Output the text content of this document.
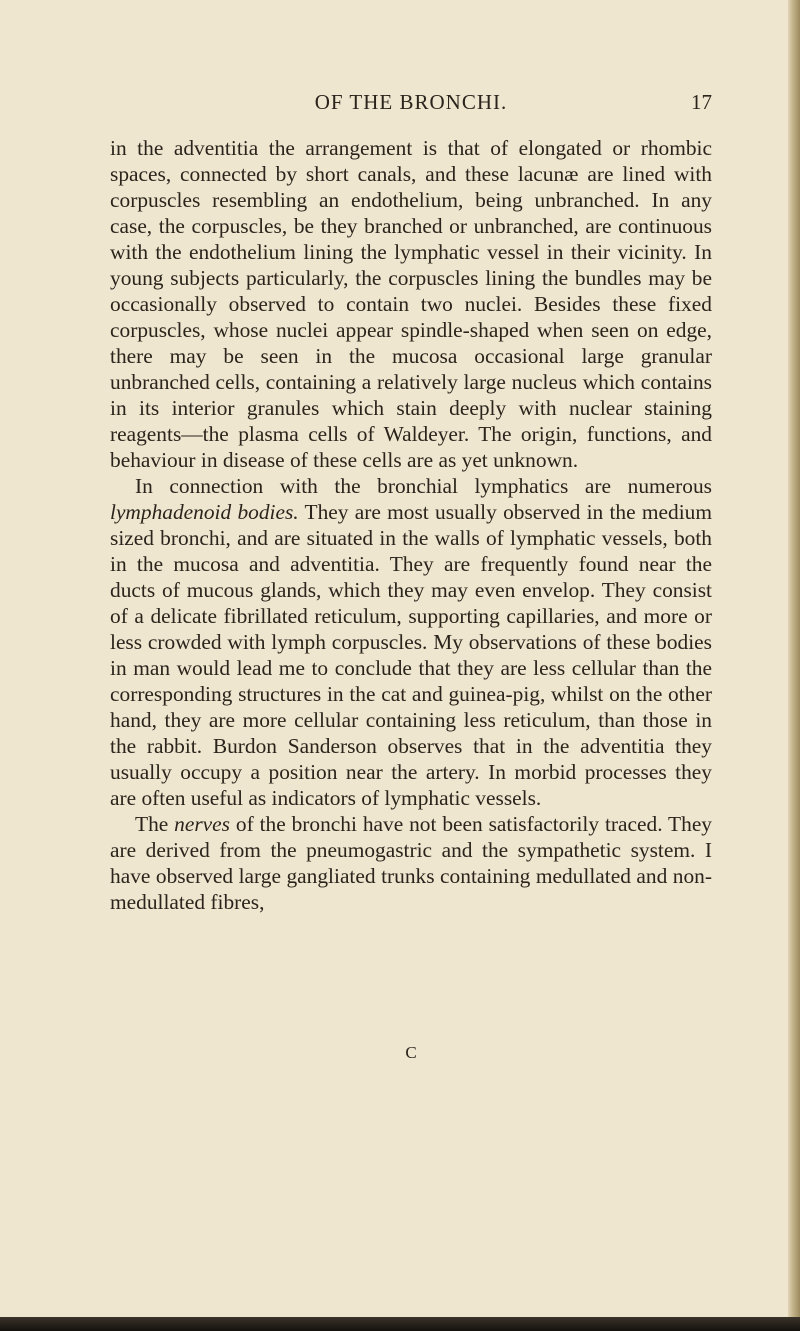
OF THE BRONCHI.	17

in the adventitia the arrangement is that of elongated or rhombic spaces, connected by short canals, and these lacunæ are lined with corpuscles resembling an endothelium, being unbranched. In any case, the corpuscles, be they branched or unbranched, are continuous with the endothelium lining the lymphatic vessel in their vicinity. In young subjects particularly, the corpuscles lining the bundles may be occasionally observed to contain two nuclei. Besides these fixed corpuscles, whose nuclei appear spindle-shaped when seen on edge, there may be seen in the mucosa occasional large granular unbranched cells, containing a relatively large nucleus which contains in its interior granules which stain deeply with nuclear staining reagents—the plasma cells of Waldeyer. The origin, functions, and behaviour in disease of these cells are as yet unknown.

In connection with the bronchial lymphatics are numerous lymphadenoid bodies. They are most usually observed in the medium sized bronchi, and are situated in the walls of lymphatic vessels, both in the mucosa and adventitia. They are frequently found near the ducts of mucous glands, which they may even envelop. They consist of a delicate fibrillated reticulum, supporting capillaries, and more or less crowded with lymph corpuscles. My observations of these bodies in man would lead me to conclude that they are less cellular than the corresponding structures in the cat and guinea-pig, whilst on the other hand, they are more cellular containing less reticulum, than those in the rabbit. Burdon Sanderson observes that in the adventitia they usually occupy a position near the artery. In morbid processes they are often useful as indicators of lymphatic vessels.

The nerves of the bronchi have not been satisfactorily traced. They are derived from the pneumogastric and the sympathetic system. I have observed large gangliated trunks containing medullated and non-medullated fibres,

C
